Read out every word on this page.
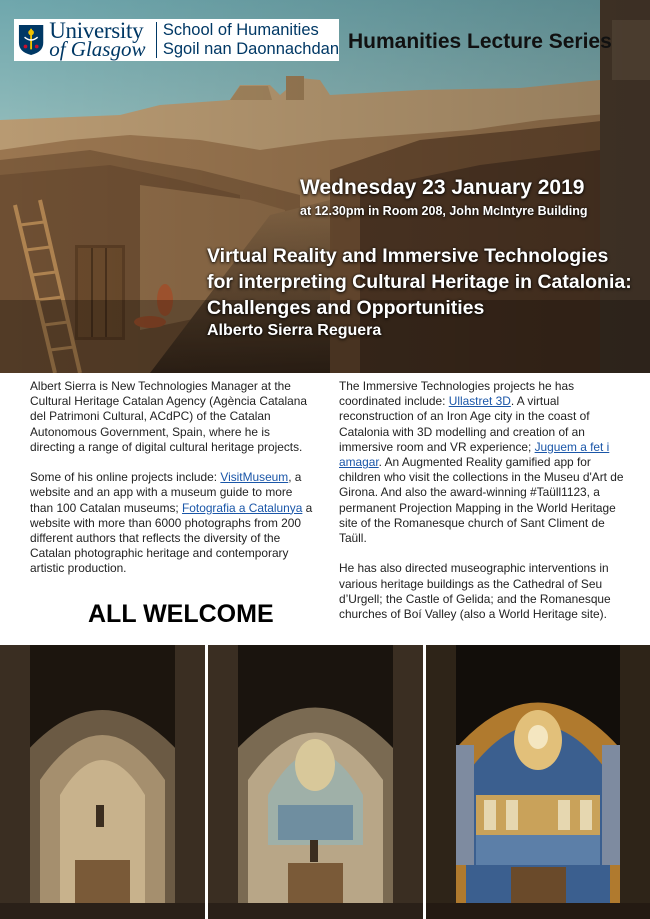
University
of Glasgow
School of Humanities
Sgoil nan Daonnachdan Humanities Lecture Series
Wednesday 23 January 2019
at 12.30pm in Room 208, John McIntyre Building
Virtual Reality and Immersive Technologies
for interpreting Cultural Heritage in Catalonia:
Challenges and Opportunities
Alberto Sierra Reguera

Albert Sierra is New Technologies Manager at the Cultural Heritage Catalan Agency (Agència Catalana del Patrimoni Cultural, ACdPC) of the Catalan Autonomous Government, Spain, where he is directing a range of digital cultural heritage projects.

Some of his online projects include: VisitMuseum, a website and an app with a museum guide to more than 100 Catalan museums; Fotografia a Catalunya a website with more than 6000 photographs from 200 different authors that reflects the diversity of the Catalan photographic heritage and contemporary artistic production.

ALL WELCOME

The Immersive Technologies projects he has coordinated include: Ullastret 3D. A virtual reconstruction of an Iron Age city in the coast of Catalonia with 3D modelling and creation of an immersive room and VR experience; Juguem a fet i amagar. An Augmented Reality gamified app for children who visit the collections in the Museu d'Art de Girona. And also the award-winning #Taüll1123, a permanent Projection Mapping in the World Heritage site of the Romanesque church of Sant Climent de Taüll.

He has also directed museographic interventions in various heritage buildings as the Cathedral of Seu d’Urgell; the Castle of Gelida; and the Romanesque churches of Boí Valley (also a World Heritage site).
